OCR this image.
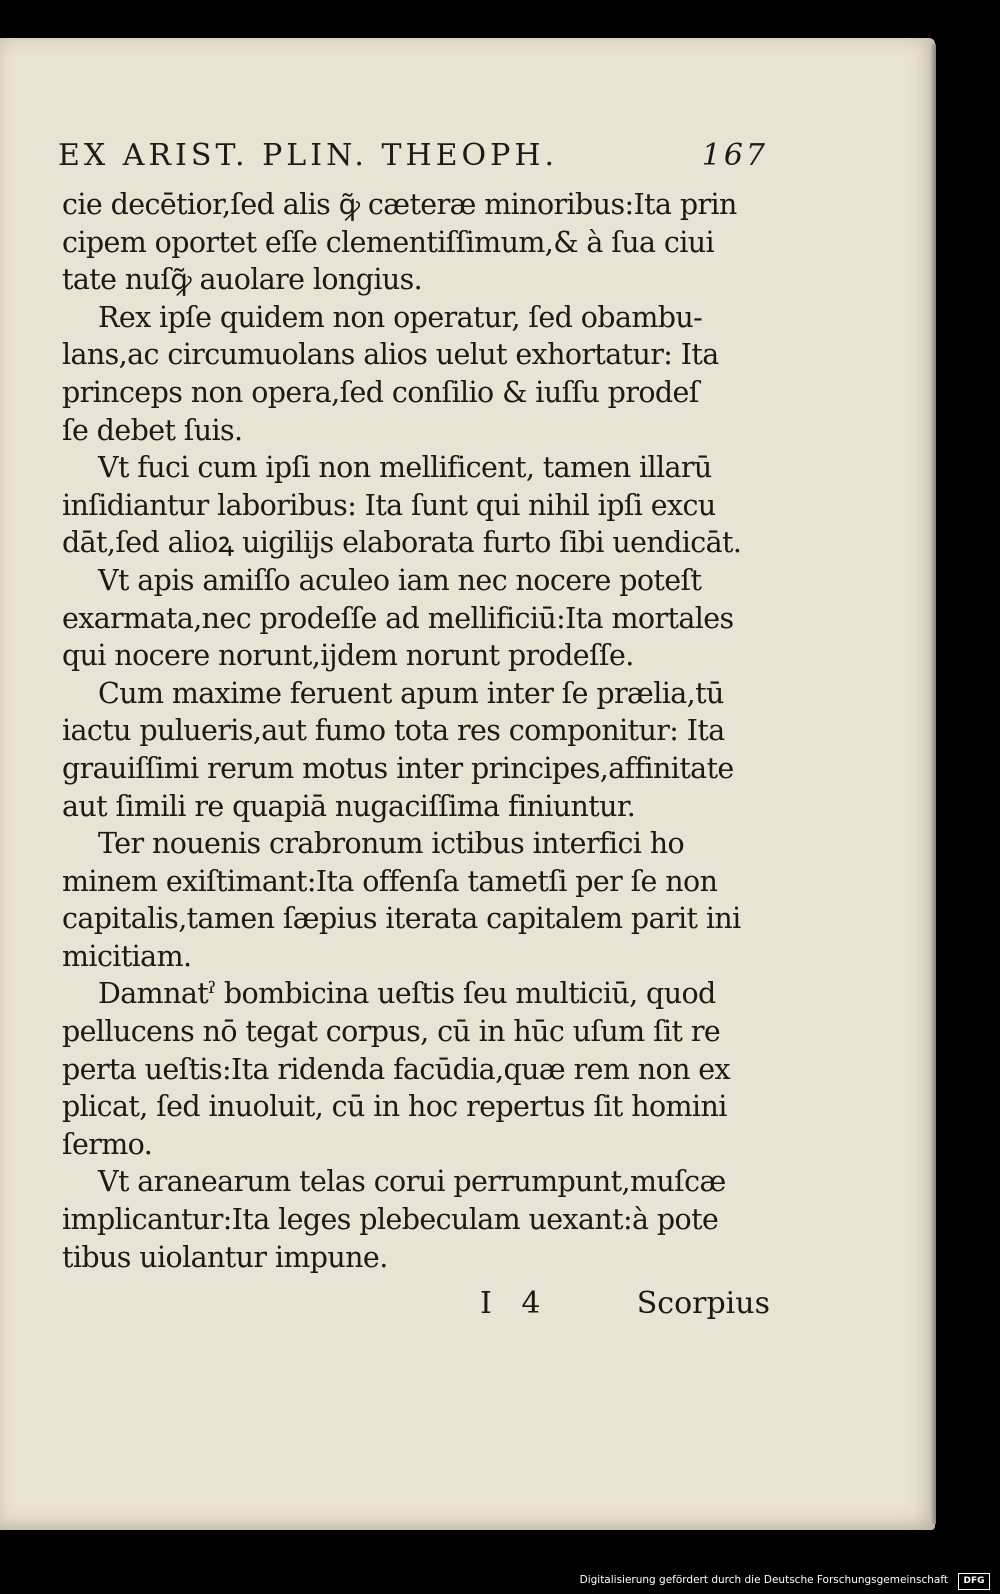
EX ARIST. PLIN. THEOPH.	167
cie decētior,ſed alis ꝙ̃ cæteræ minoribus:Ita prin
cipem oportet eſſe clementiſſimum,& à ſua ciui
tate nuſꝙ̃ auolare longius.
Rex ipſe quidem non operatur, ſed obambu-
lans,ac circumuolans alios uelut exhortatur: Ita
princeps non opera,ſed conſilio & iuſſu prodeſ
ſe debet ſuis.
Vt fuci cum ipſi non mellificent, tamen illarū
inſidiantur laboribus: Ita ſunt qui nihil ipſi excu
dāt,ſed alioꝝ uigilijs elaborata furto ſibi uendicāt.
Vt apis amiſſo aculeo iam nec nocere poteſt
exarmata,nec prodeſſe ad mellificiū:Ita mortales
qui nocere norunt,ijdem norunt prodeſſe.
Cum maxime feruent apum inter ſe prælia,tū
iactu pulueris,aut fumo tota res componitur: Ita
grauiſſimi rerum motus inter principes,affinitate
aut ſimili re quapiā nugaciſſima finiuntur.
Ter nouenis crabronum ictibus interfici ho
minem exiſtimant:Ita offenſa tametſi per ſe non
capitalis,tamen ſæpius iterata capitalem parit ini
micitiam.
Damnatˀ bombicina ueſtis ſeu multiciū, quod
pellucens nō tegat corpus, cū in hūc uſum ſit re
perta ueſtis:Ita ridenda facūdia,quæ rem non ex
plicat, ſed inuoluit, cū in hoc repertus ſit homini
ſermo.
Vt aranearum telas corui perrumpunt,muſcæ
implicantur:Ita leges plebeculam uexant:à pote
tibus uiolantur impune.
I 4	Scorpius
Digitalisierung gefördert durch die Deutsche Forschungsgemeinschaft	DFG
